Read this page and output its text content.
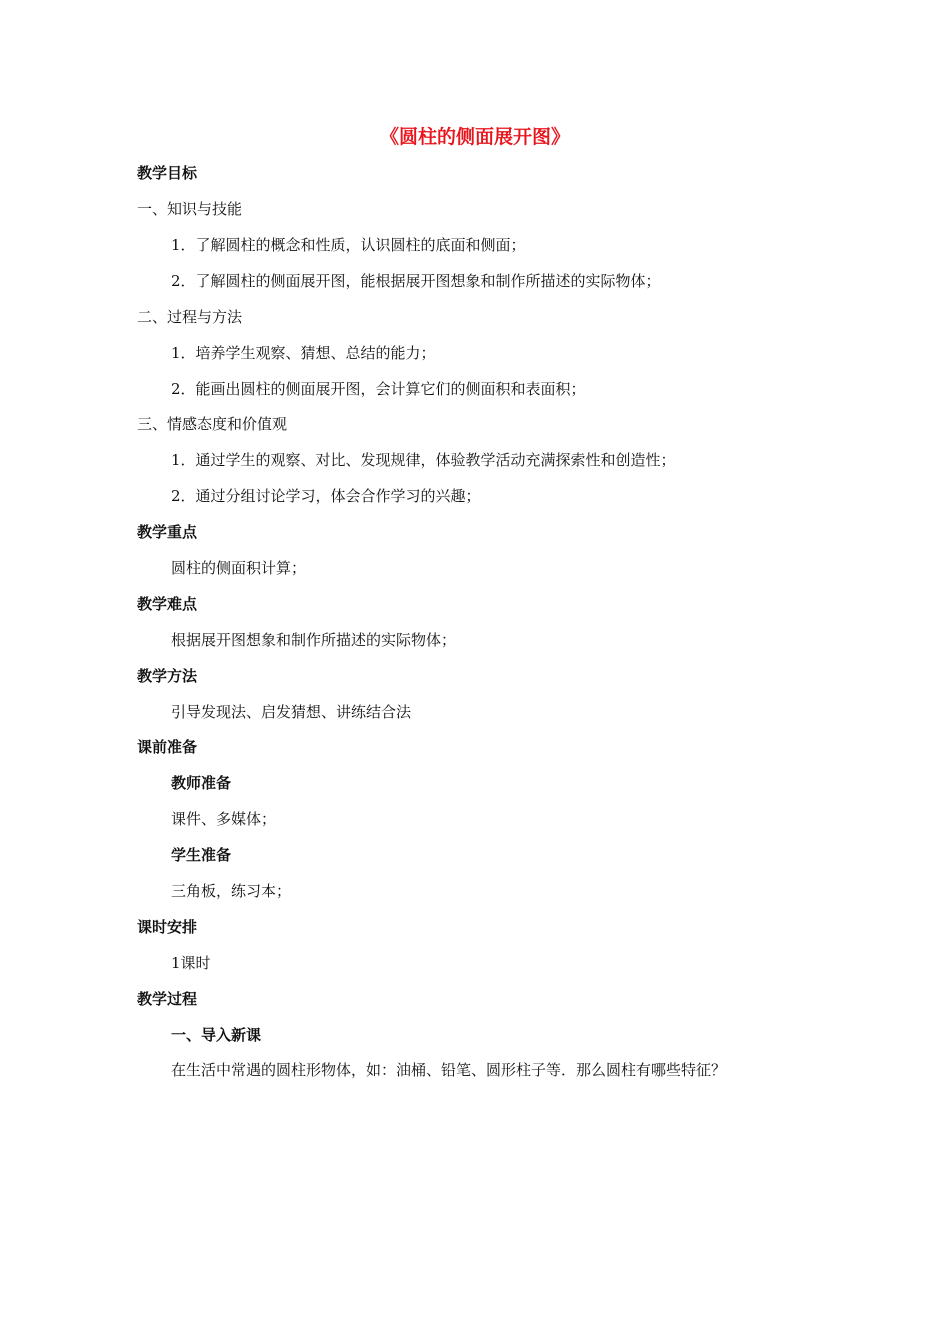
《圆柱的侧面展开图》
教学目标
一、知识与技能
1．了解圆柱的概念和性质，认识圆柱的底面和侧面；
2．了解圆柱的侧面展开图，能根据展开图想象和制作所描述的实际物体；
二、过程与方法
1．培养学生观察、猜想、总结的能力；
2．能画出圆柱的侧面展开图，会计算它们的侧面积和表面积；
三、情感态度和价值观
1．通过学生的观察、对比、发现规律，体验教学活动充满探索性和创造性；
2．通过分组讨论学习，体会合作学习的兴趣；
教学重点
圆柱的侧面积计算；
教学难点
根据展开图想象和制作所描述的实际物体；
教学方法
引导发现法、启发猜想、讲练结合法
课前准备
教师准备
课件、多媒体；
学生准备
三角板，练习本；
课时安排
1课时
教学过程
一、导入新课
在生活中常遇的圆柱形物体，如：油桶、铅笔、圆形柱子等．那么圆柱有哪些特征？
